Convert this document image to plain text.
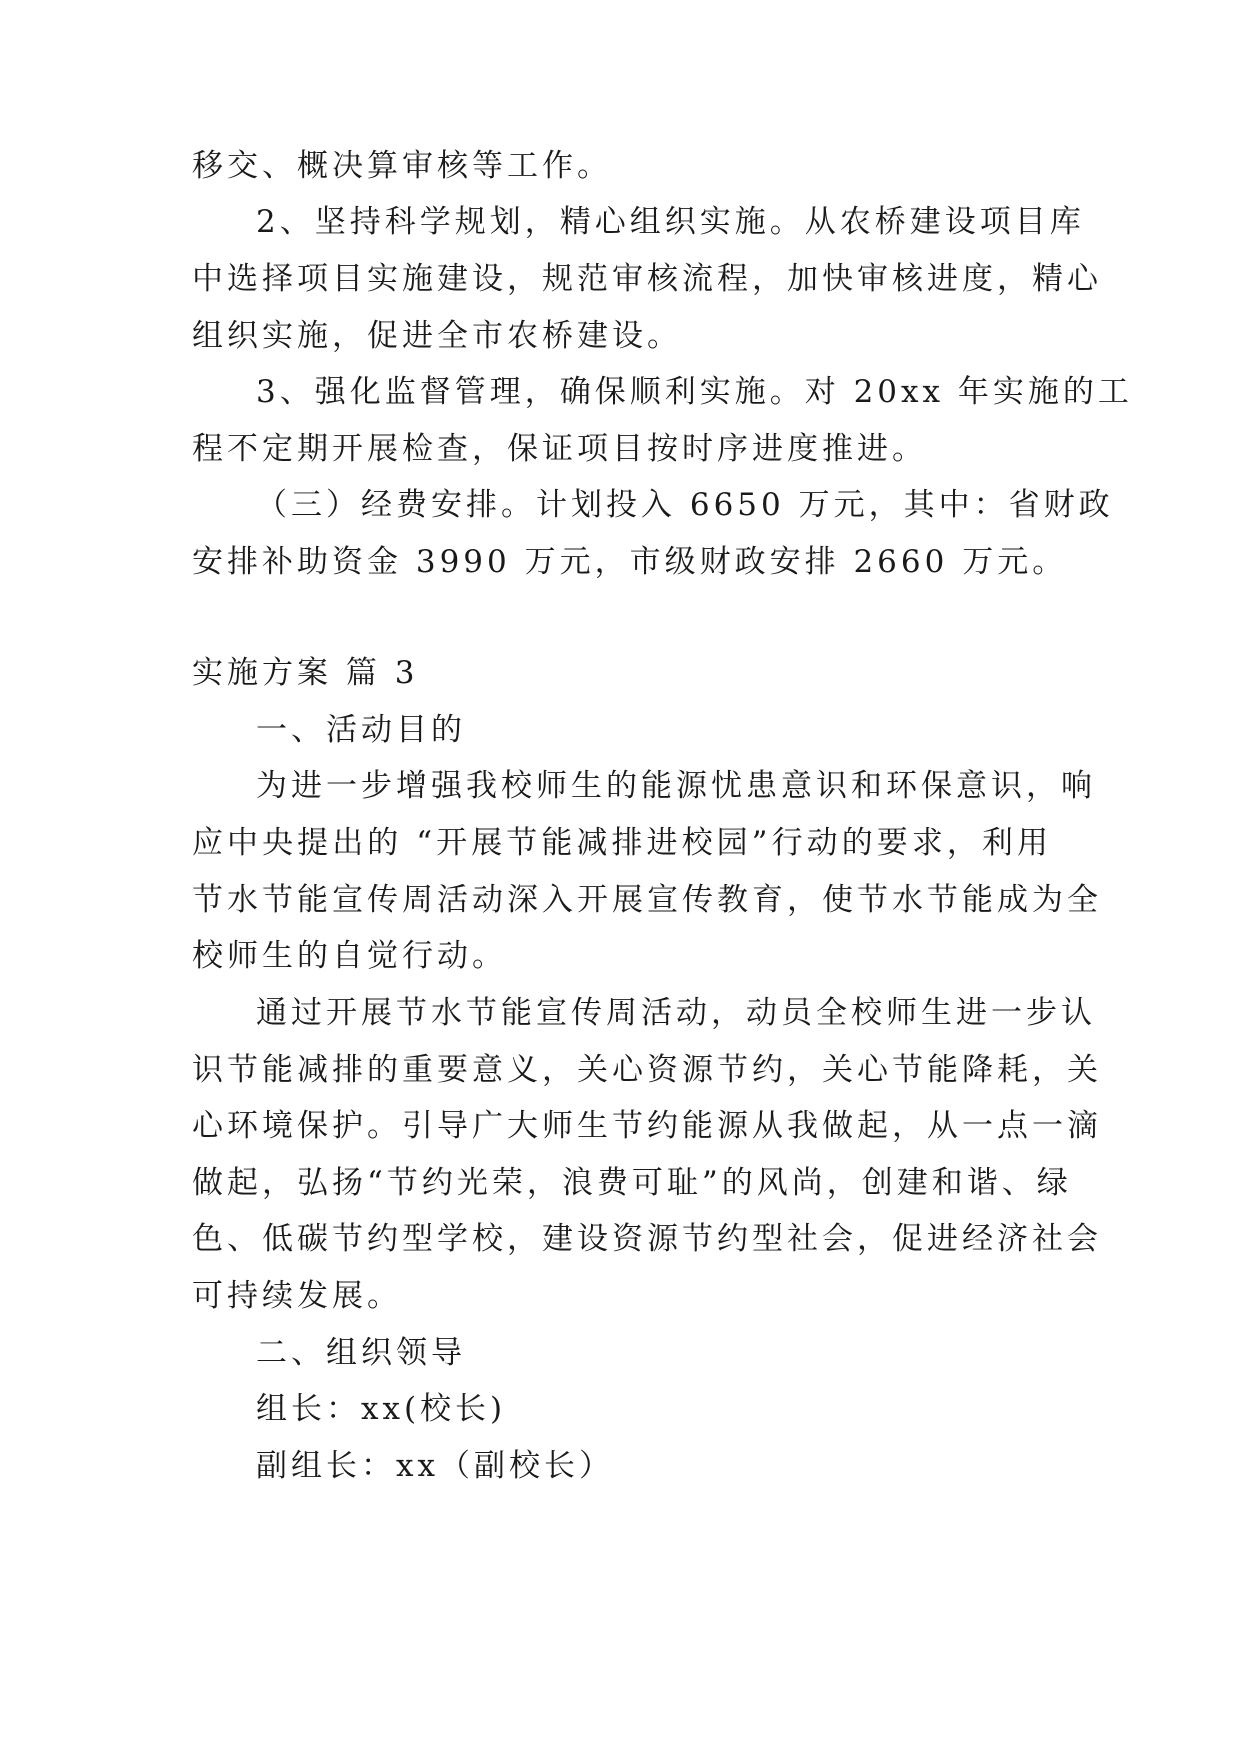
移交、概决算审核等工作。
2、坚持科学规划，精心组织实施。从农桥建设项目库
中选择项目实施建设，规范审核流程，加快审核进度，精心
组织实施，促进全市农桥建设。
3、强化监督管理，确保顺利实施。对 20xx 年实施的工
程不定期开展检查，保证项目按时序进度推进。
（三）经费安排。计划投入 6650 万元，其中：省财政
安排补助资金 3990 万元，市级财政安排 2660 万元。
实施方案 篇 3
一、活动目的
为进一步增强我校师生的能源忧患意识和环保意识，响
应中央提出的 “开展节能减排进校园”行动的要求，利用
节水节能宣传周活动深入开展宣传教育，使节水节能成为全
校师生的自觉行动。
通过开展节水节能宣传周活动，动员全校师生进一步认
识节能减排的重要意义，关心资源节约，关心节能降耗，关
心环境保护。引导广大师生节约能源从我做起，从一点一滴
做起，弘扬“节约光荣，浪费可耻”的风尚，创建和谐、绿
色、低碳节约型学校，建设资源节约型社会，促进经济社会
可持续发展。
二、组织领导
组长：xx(校长)
副组长：xx（副校长）
